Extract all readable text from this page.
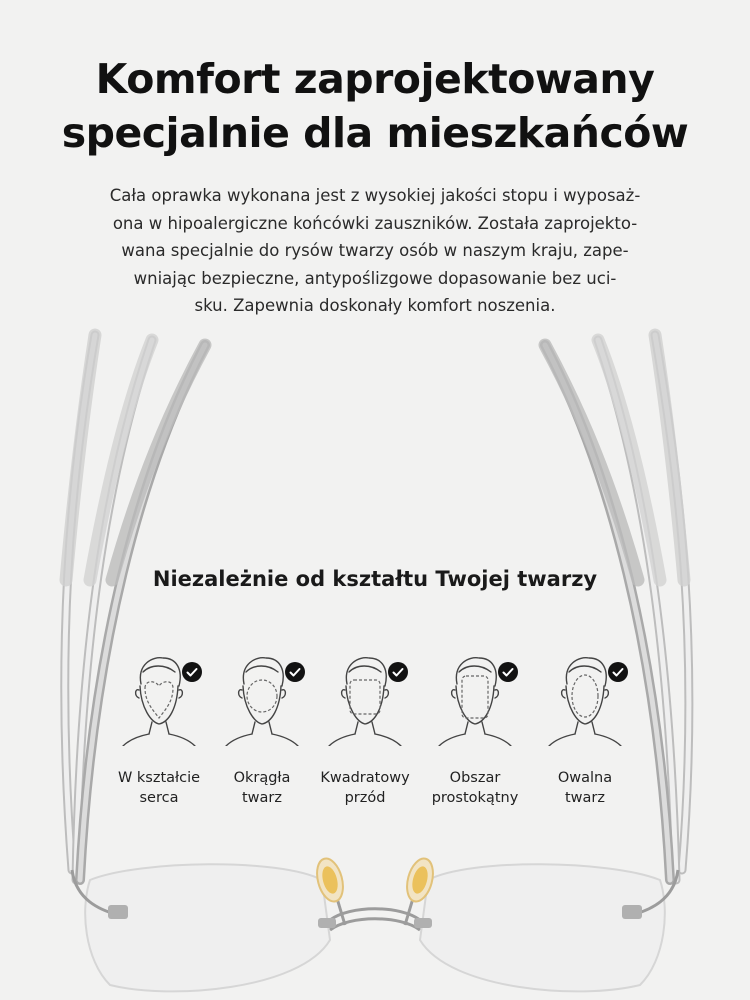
Komfort zaprojektowany
specjalnie dla mieszkańców
Cała oprawka wykonana jest z wysokiej jakości stopu i wyposaż-
ona w hipoalergiczne końcówki zauszników. Została zaprojekto-
wana specjalnie do rysów twarzy osób w naszym kraju, zape-
wniając bezpieczne, antypoślizgowe dopasowanie bez uci-
sku. Zapewnia doskonały komfort noszenia.
Niezależnie od kształtu Twojej twarzy
W kształcie
serca
Okrągła
twarz
Kwadratowy
przód
Obszar
prostokątny
Owalna
twarz
